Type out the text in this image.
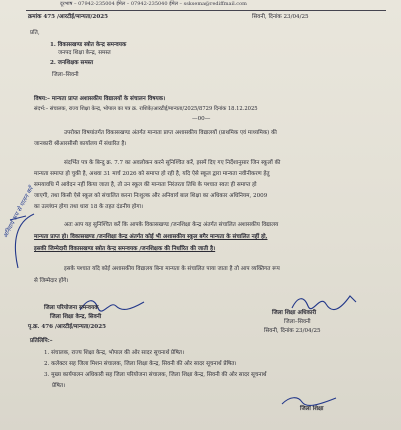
दूरभाष – 07942-235004 ईमेल – 07942-235040 ईमेल – ssksema@rediffmail.com
क्रमांक 475 /आरटीई/मान्यता/2025	सिवनी, दिनांक 23/04/25
प्रति,
1. विकासखण्ड स्त्रोत केन्द्र समन्वयक
जनपद शिक्षा केन्द्र, समस्त
2. जनशिक्षक समस्त
जिला–सिवनी
विषय:– मान्यता प्राप्त अशासकीय विद्यालयों के संचालन विषयक।
संदर्भ:– संचालक, राज्य शिक्षा केन्द्र, भोपाल का पत्र क्र. राशिके/आरटीई/मान्यता/2025/8729 दिनांक 18.12.2025
—00—
उपरोक्त विषयांतर्गत विकासखण्ड अंतर्गत मान्यता प्राप्त अशासकीय विद्यालयों (प्राथमिक एवं माध्यमिक) की
जानकारी श्रीआरसीसी कार्यालय में संधारित है।
संदर्भित पत्र के बिन्दु क्र. 7.7 का अवलोकन करने सुनिश्चित करें, इसमें दिए गए निर्देशानुसार जिन स्कूलों की
मान्यता समाप्त हो चुकी है, अथवा 31 मार्च 2026 को समाप्त हो रही है, यदि ऐसे स्कूल द्वारा मान्यता नवीनीकरण हेतु
समयावधि में आवेदन नहीं किया जाता है, तो उन स्कूल की मान्यता निरंतरता तिथि के पश्चात स्वतः ही समाप्त हो
जाएगी, तथा किसी ऐसे स्कूल को संचालित करना निःशुल्क और अनिवार्य बाल शिक्षा का अधिकार अधिनियम, 2009
का उल्लंघन होगा तथा धारा 18 के तहत दंडनीय होगा।
अतः आप यह सुनिश्चित करें कि आपके विकासखण्ड /जनशिक्षा केन्द्र अंतर्गत संचालित अशासकीय विद्यालय
मान्यता प्राप्त हो। विकासखण्ड /जनशिक्षा केन्द्र अंतर्गत कोई भी अशासकीय स्कूल बगैर मान्यता के संचालित नहीं हो,
इसकी जिम्मेदारी विकासखण्ड स्त्रोत केन्द्र समन्वयक /जनशिक्षक की निर्धारित की जाती है।
इसके पश्चात यदि कोई अशासकीय विद्यालय बिना मान्यता के संचालित पाया जाता है तो आप व्यक्तिगत रूप
से जिम्मेदार होंगे।
अनिवार्य रूप से पालन करें
जिला परियोजना समन्वयक
जिला शिक्षा केन्द्र, सिवनी
पृ.क्र. 476 /आरटीई/मान्यता/2025
जिला शिक्षा अधिकारी
जिला–सिवनी
सिवनी, दिनांक 23/04/25
प्रतिलिपि:–
1. संचालक, राज्य शिक्षा केन्द्र, भोपाल की ओर सादर सूचनार्थ प्रेषित।
2. कलेक्टर सह जिला मिशन संचालक, जिला शिक्षा केन्द्र, सिवनी की ओर सादर सूचनार्थ प्रेषित।
3. मुख्य कार्यपालन अधिकारी सह जिला परियोजना संचालक, जिला शिक्षा केन्द्र, सिवनी की ओर सादर सूचनार्थ
प्रेषित।
जिला शिक्षा
